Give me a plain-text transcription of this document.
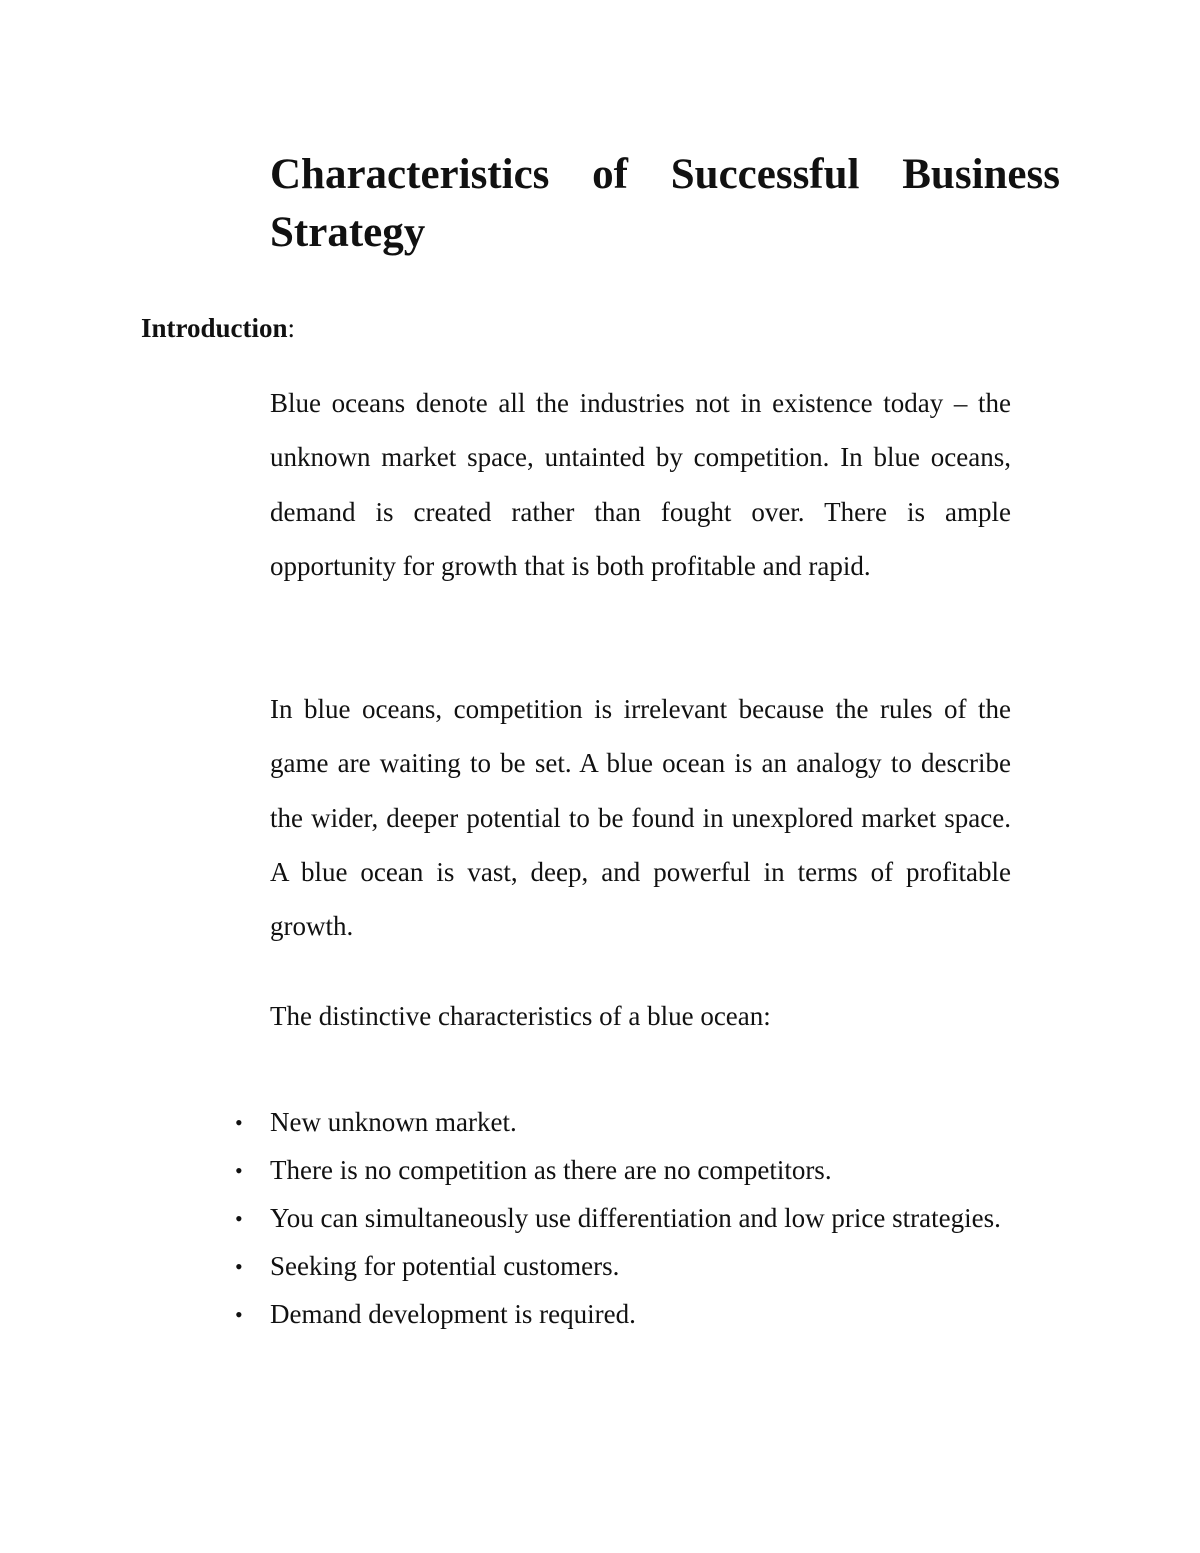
Characteristics of Successful Business Strategy

Introduction:

Blue oceans denote all the industries not in existence today – the unknown market space, untainted by competition. In blue oceans, demand is created rather than fought over. There is ample opportunity for growth that is both profitable and rapid.

In blue oceans, competition is irrelevant because the rules of the game are waiting to be set. A blue ocean is an analogy to describe the wider, deeper potential to be found in unexplored market space. A blue ocean is vast, deep, and powerful in terms of profitable growth.

The distinctive characteristics of a blue ocean:

• New unknown market.
• There is no competition as there are no competitors.
• You can simultaneously use differentiation and low price strategies.
• Seeking for potential customers.
• Demand development is required.
